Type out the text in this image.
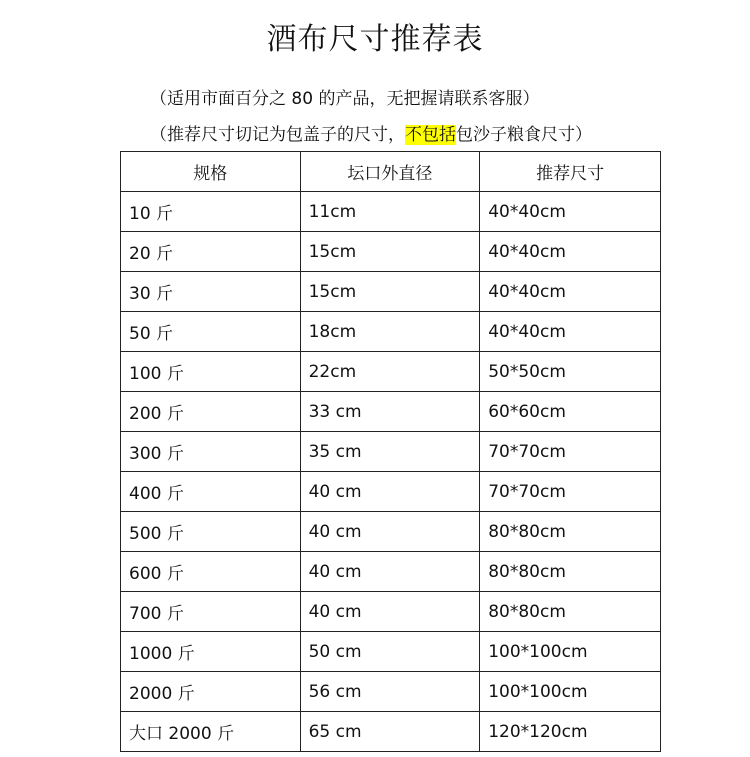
酒布尺寸推荐表
（适用市面百分之 80 的产品，无把握请联系客服）
（推荐尺寸切记为包盖子的尺寸，不包括包沙子粮食尺寸）
规格	坛口外直径	推荐尺寸
10 斤	11cm	40*40cm
20 斤	15cm	40*40cm
30 斤	15cm	40*40cm
50 斤	18cm	40*40cm
100 斤	22cm	50*50cm
200 斤	33 cm	60*60cm
300 斤	35 cm	70*70cm
400 斤	40 cm	70*70cm
500 斤	40 cm	80*80cm
600 斤	40 cm	80*80cm
700 斤	40 cm	80*80cm
1000 斤	50 cm	100*100cm
2000 斤	56 cm	100*100cm
大口 2000 斤	65 cm	120*120cm
